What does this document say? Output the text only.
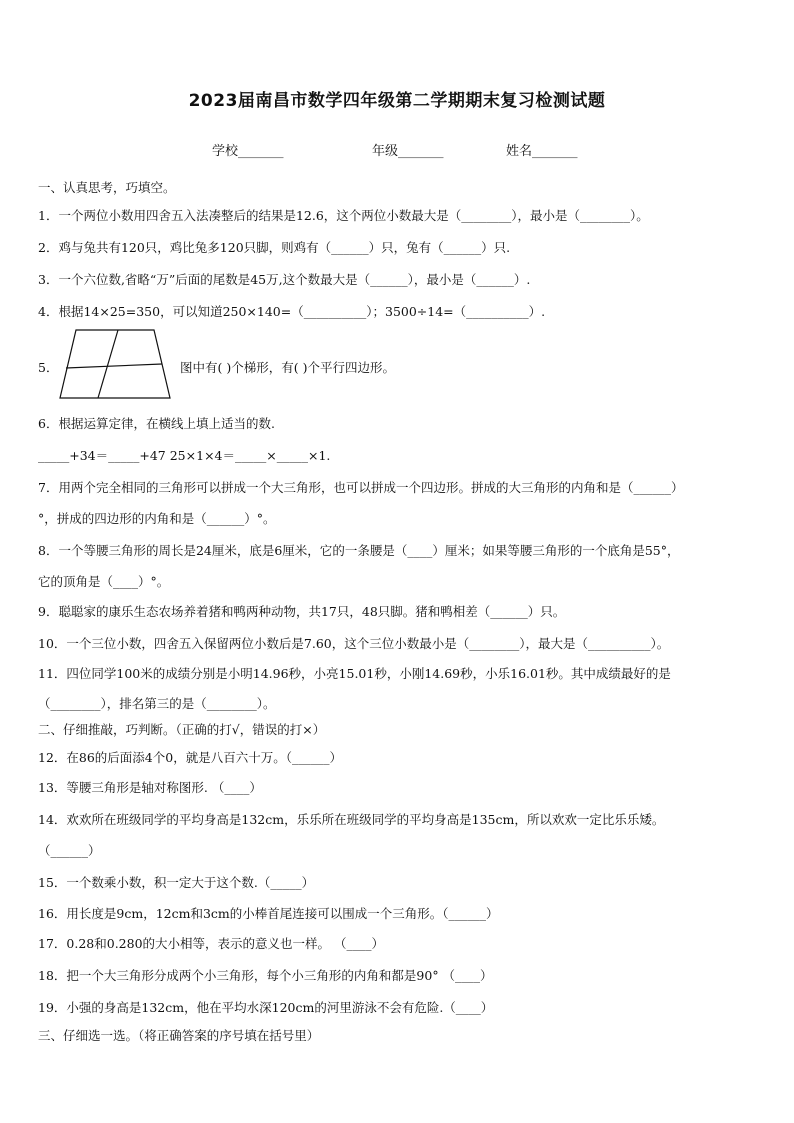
2023届南昌市数学四年级第二学期期末复习检测试题
学校_______	年级_______	姓名_______
一、认真思考，巧填空。
1．一个两位小数用四舍五入法凑整后的结果是12.6，这个两位小数最大是（________），最小是（________）。
2．鸡与兔共有120只，鸡比兔多120只脚，则鸡有（______）只，兔有（______）只.
3．一个六位数,省略“万”后面的尾数是45万,这个数最大是（______），最小是（______）.
4．根据14×25=350，可以知道250×140=（__________）；3500÷14=（__________）.
5．	图中有( )个梯形，有( )个平行四边形。
6．根据运算定律，在横线上填上适当的数.
_____+34＝_____+47 25×1×4＝_____×_____×1.
7．用两个完全相同的三角形可以拼成一个大三角形，也可以拼成一个四边形。拼成的大三角形的内角和是（______）
°，拼成的四边形的内角和是（______）°。
8．一个等腰三角形的周长是24厘米，底是6厘米，它的一条腰是（____）厘米；如果等腰三角形的一个底角是55°，
它的顶角是（____）°。
9．聪聪家的康乐生态农场养着猪和鸭两种动物，共17只，48只脚。猪和鸭相差（______）只。
10．一个三位小数，四舍五入保留两位小数后是7.60，这个三位小数最小是（________），最大是（__________）。
11．四位同学100米的成绩分别是小明14.96秒，小亮15.01秒，小刚14.69秒，小乐16.01秒。其中成绩最好的是
（________），排名第三的是（________）。
二、仔细推敲，巧判断。（正确的打√，错误的打×）
12．在86的后面添4个0，就是八百六十万。（______）
13．等腰三角形是轴对称图形. （____）
14．欢欢所在班级同学的平均身高是132cm，乐乐所在班级同学的平均身高是135cm，所以欢欢一定比乐乐矮。
（______）
15．一个数乘小数，积一定大于这个数.（_____）
16．用长度是9cm，12cm和3cm的小棒首尾连接可以围成一个三角形。（______）
17．0.28和0.280的大小相等，表示的意义也一样。 （____）
18．把一个大三角形分成两个小三角形，每个小三角形的内角和都是90° （____）
19．小强的身高是132cm，他在平均水深120cm的河里游泳不会有危险.（____）
三、仔细选一选。（将正确答案的序号填在括号里）
